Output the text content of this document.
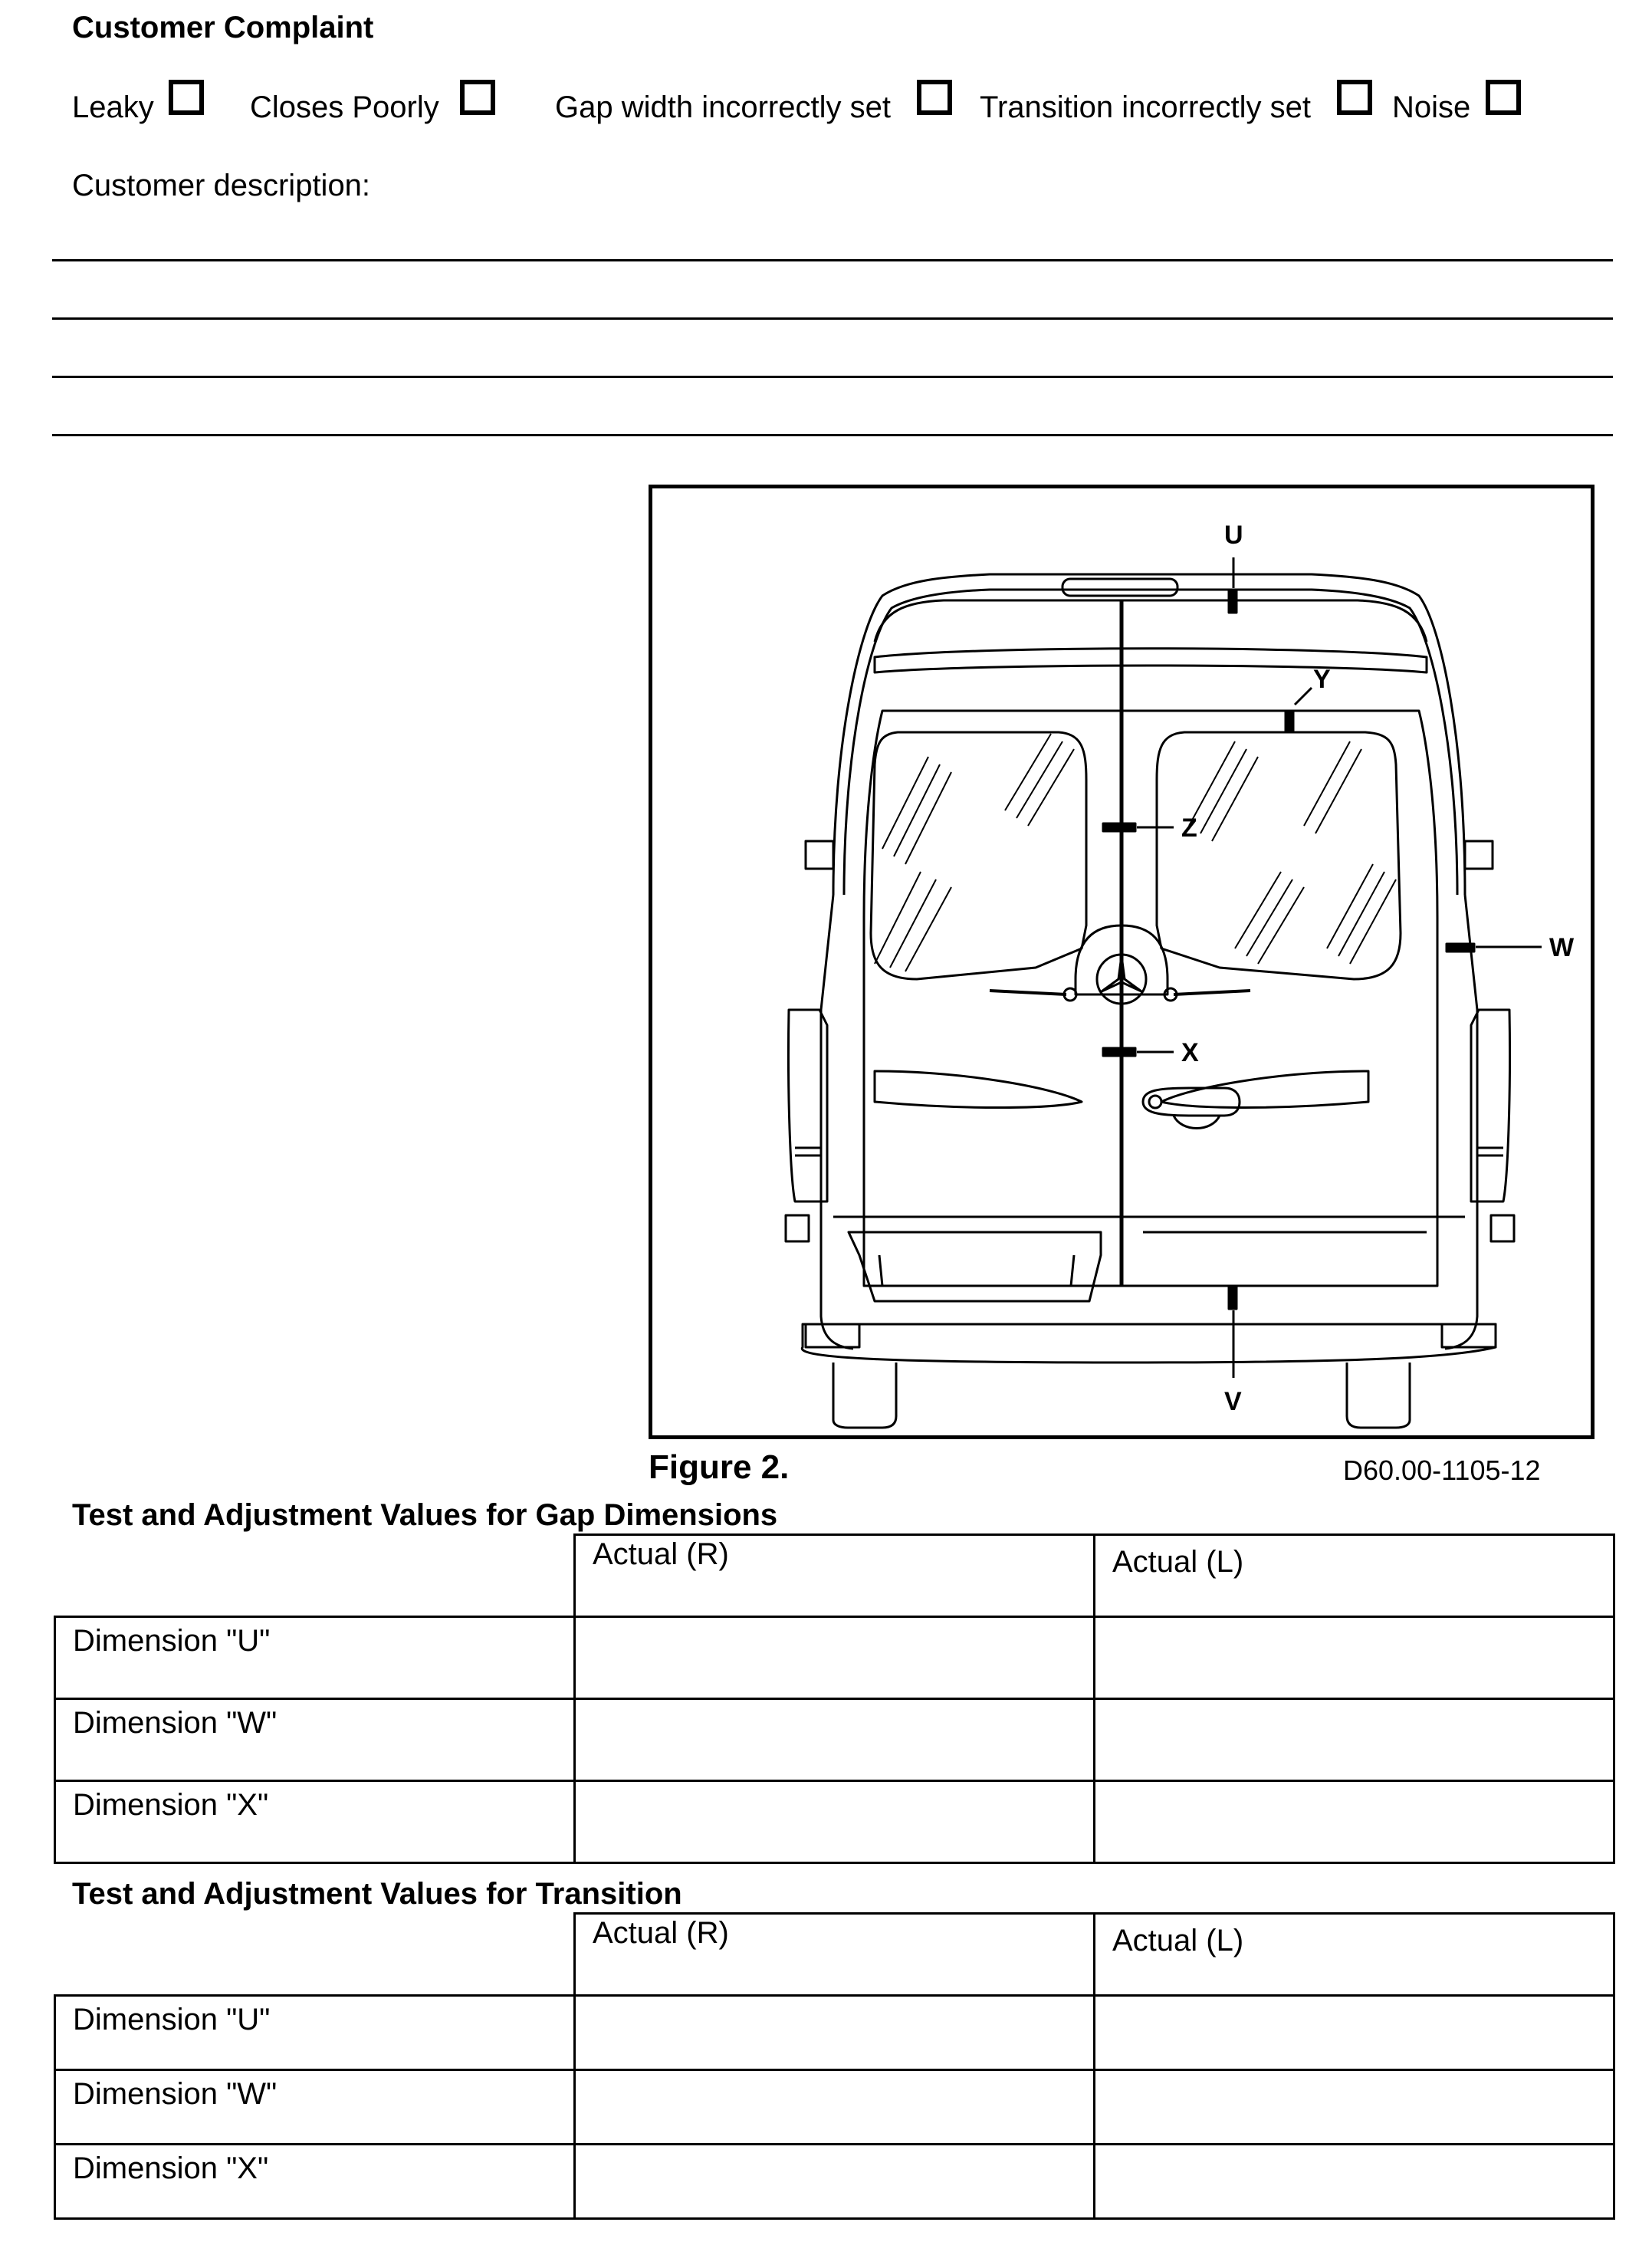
Customer Complaint
Leaky	Closes Poorly	Gap width incorrectly set	Transition incorrectly set	Noise
Customer description:
U
Y
Z
W
X
V
Figure 2.	D60.00-1105-12
Test and Adjustment Values for Gap Dimensions
	Actual (R)	Actual (L)
Dimension "U"		
Dimension "W"		
Dimension "X"		
Test and Adjustment Values for Transition
	Actual (R)	Actual (L)
Dimension "U"		
Dimension "W"		
Dimension "X"		
